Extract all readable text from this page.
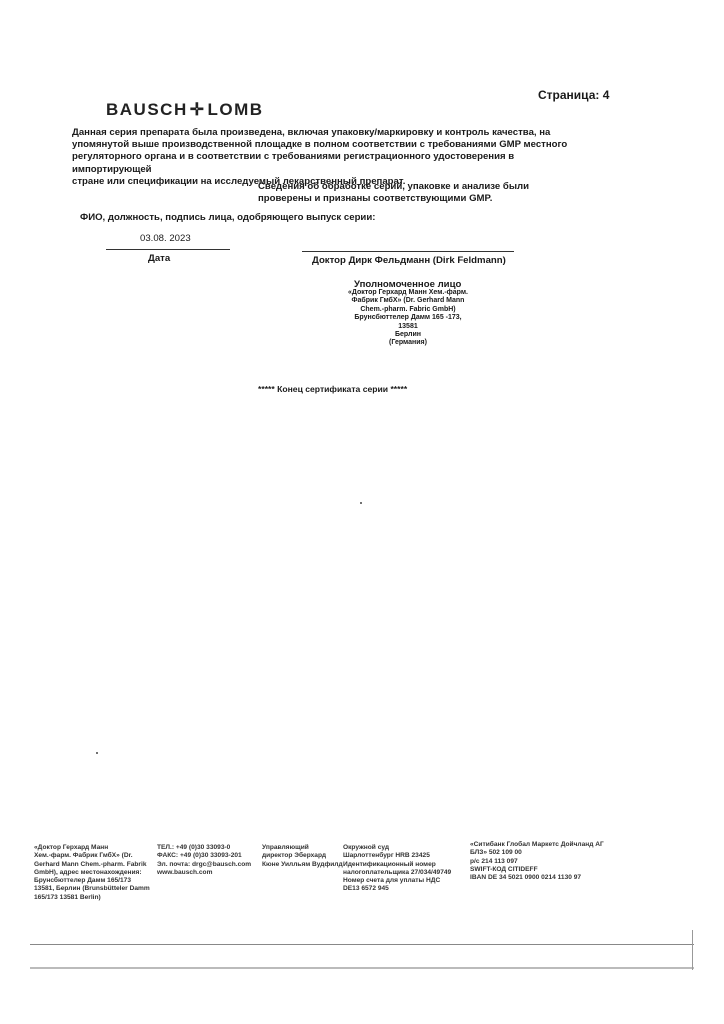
Страница: 4
BAUSCH ✛ LOMB
Данная серия препарата была произведена, включая упаковку/маркировку и контроль качества, на
упомянутой выше производственной площадке в полном соответствии с требованиями GMP местного
регуляторного органа и в соответствии с требованиями регистрационного удостоверения в импортирующей
стране или спецификации на исследуемый лекарственный препарат.
Сведения об обработке серий, упаковке и анализе были
проверены и признаны соответствующими GMP.
ФИО, должность, подпись лица, одобряющего выпуск серии:
03.08. 2023
Дата	Доктор Дирк Фельдманн (Dirk Feldmann)
Уполномоченное лицо
«Доктор Герхард Манн Хем.-фарм.
Фабрик ГмбХ» (Dr. Gerhard Mann
Chem.-pharm. Fabric GmbH)
Брунсбюттелер Дамм 165 -173,
13581
Берлин
(Германия)
***** Конец сертификата серии *****
«Доктор Герхард Манн
Хем.-фарм. Фабрик ГмбХ» (Dr.
Gerhard Mann Chem.-pharm. Fabrik
GmbH), адрес местонахождения:
Брунсбюттелер Дамм 165/173
13581, Берлин (Brunsbütteler Damm
165/173 13581 Berlin)
ТЕЛ.: +49 (0)30 33093-0
ФАКС: +49 (0)30 33093-201
Эл. почта: drgc@bausch.com
www.bausch.com
Управляющий
директор Эберхард
Кюне Уилльям Вудфилд
Окружной суд
Шарлоттенбург HRB 23425
Идентификационный номер
налогоплательщика 27/034/49749
Номер счета для уплаты НДС
DE13 6572 945
«Ситибанк Глобал Маркетс Дойчланд АГ
БЛЗ» 502 109 00
р/с 214 113 097
SWIFT-КОД CITIDEFF
IBAN DE 34 5021 0900 0214 1130 97
